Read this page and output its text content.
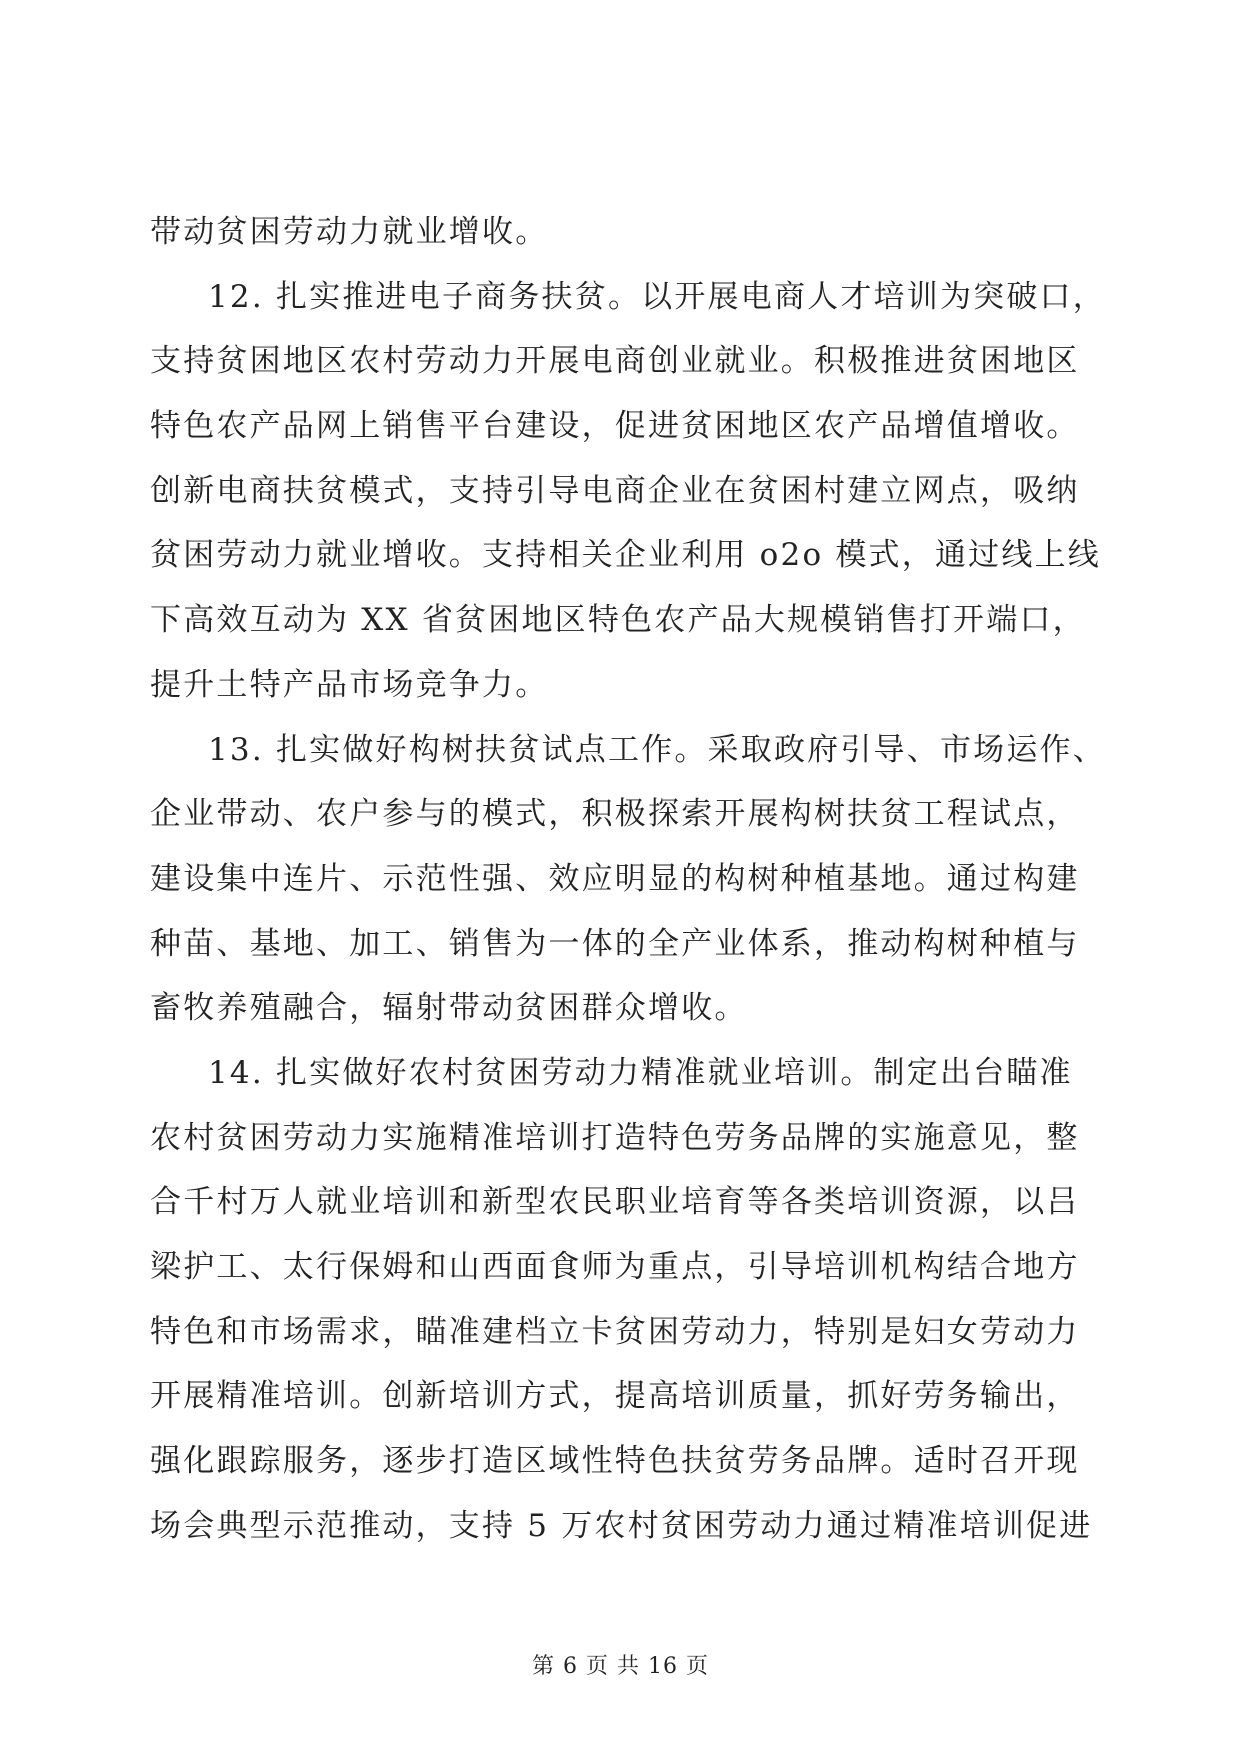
带动贫困劳动力就业增收。
12. 扎实推进电子商务扶贫。以开展电商人才培训为突破口，
支持贫困地区农村劳动力开展电商创业就业。积极推进贫困地区
特色农产品网上销售平台建设，促进贫困地区农产品增值增收。
创新电商扶贫模式，支持引导电商企业在贫困村建立网点，吸纳
贫困劳动力就业增收。支持相关企业利用 o2o 模式，通过线上线
下高效互动为 XX 省贫困地区特色农产品大规模销售打开端口，
提升土特产品市场竞争力。
13. 扎实做好构树扶贫试点工作。采取政府引导、市场运作、
企业带动、农户参与的模式，积极探索开展构树扶贫工程试点，
建设集中连片、示范性强、效应明显的构树种植基地。通过构建
种苗、基地、加工、销售为一体的全产业体系，推动构树种植与
畜牧养殖融合，辐射带动贫困群众增收。
14. 扎实做好农村贫困劳动力精准就业培训。制定出台瞄准
农村贫困劳动力实施精准培训打造特色劳务品牌的实施意见，整
合千村万人就业培训和新型农民职业培育等各类培训资源，以吕
梁护工、太行保姆和山西面食师为重点，引导培训机构结合地方
特色和市场需求，瞄准建档立卡贫困劳动力，特别是妇女劳动力
开展精准培训。创新培训方式，提高培训质量，抓好劳务输出，
强化跟踪服务，逐步打造区域性特色扶贫劳务品牌。适时召开现
场会典型示范推动，支持 5 万农村贫困劳动力通过精准培训促进
第 6 页 共 16 页
